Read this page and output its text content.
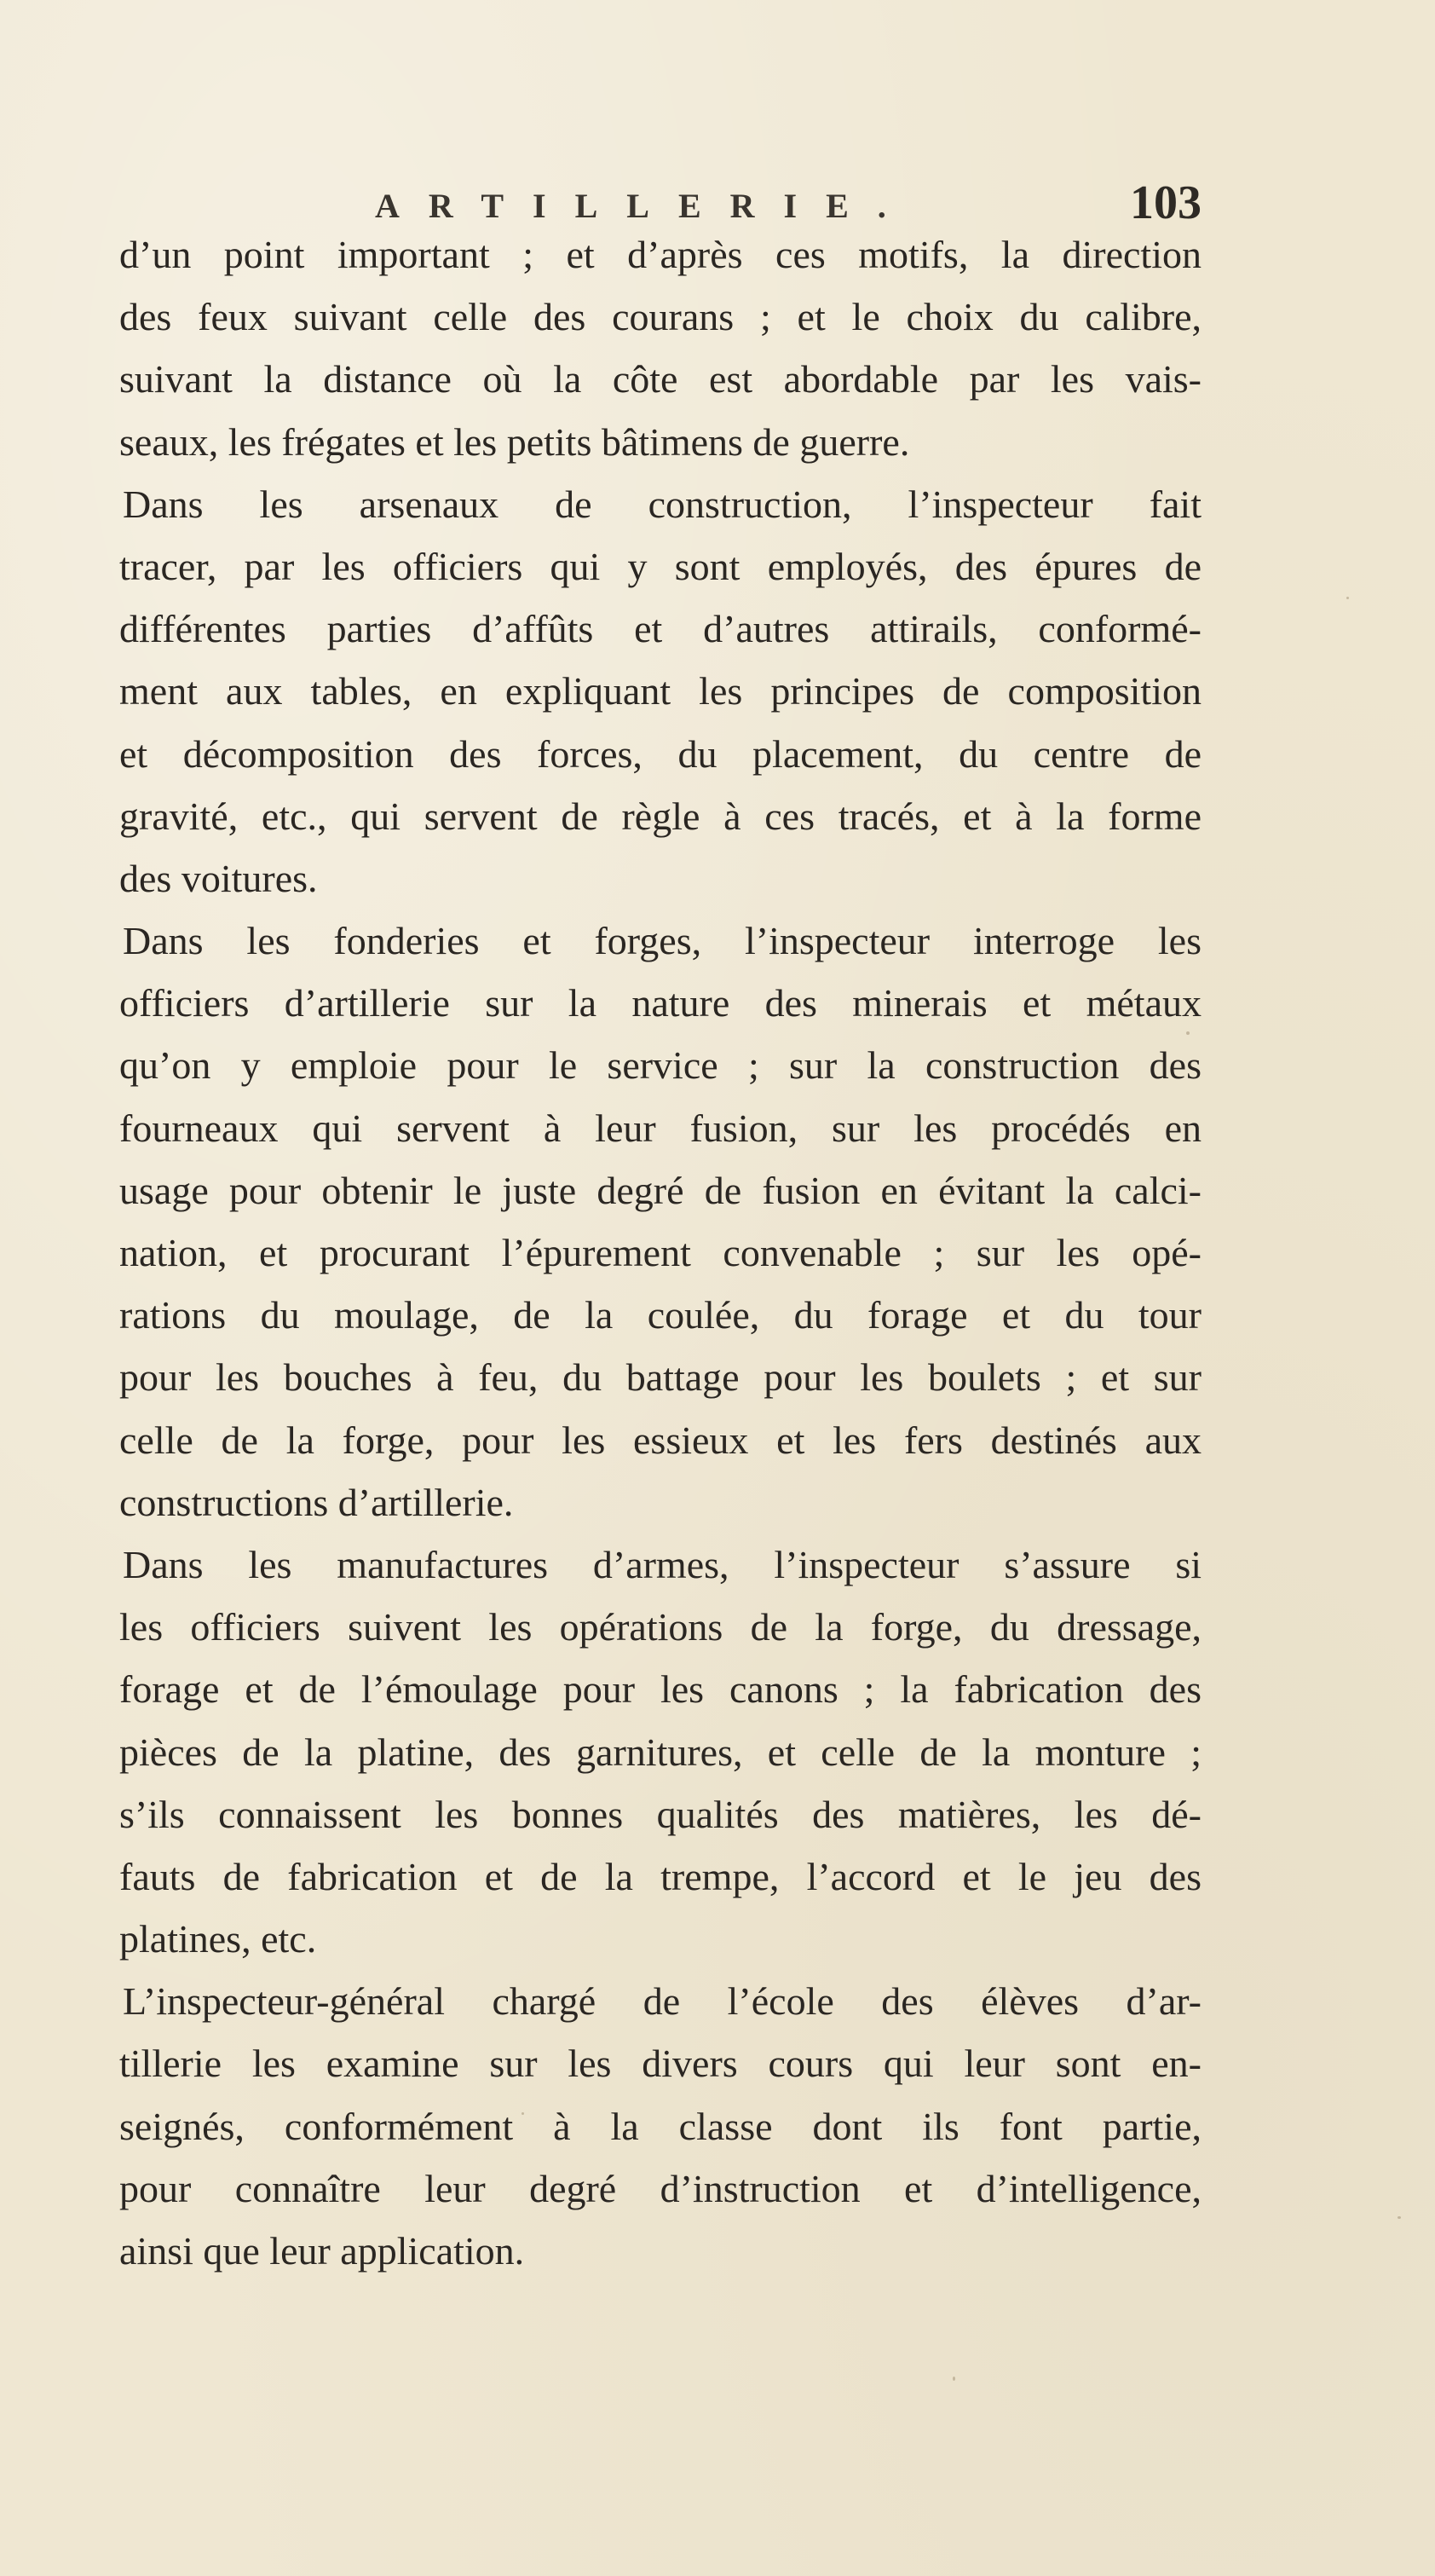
ARTILLERIE.	103
d’un point important ; et d’après ces motifs, la direction
des feux suivant celle des courans ; et le choix du calibre,
suivant la distance où la côte est abordable par les vais-
seaux, les frégates et les petits bâtimens de guerre.
Dans les arsenaux de construction, l’inspecteur fait
tracer, par les officiers qui y sont employés, des épures de
différentes parties d’affûts et d’autres attirails, conformé-
ment aux tables, en expliquant les principes de composition
et décomposition des forces, du placement, du centre de
gravité, etc., qui servent de règle à ces tracés, et à la forme
des voitures.
Dans les fonderies et forges, l’inspecteur interroge les
officiers d’artillerie sur la nature des minerais et métaux
qu’on y emploie pour le service ; sur la construction des
fourneaux qui servent à leur fusion, sur les procédés en
usage pour obtenir le juste degré de fusion en évitant la calci-
nation, et procurant l’épurement convenable ; sur les opé-
rations du moulage, de la coulée, du forage et du tour
pour les bouches à feu, du battage pour les boulets ; et sur
celle de la forge, pour les essieux et les fers destinés aux
constructions d’artillerie.
Dans les manufactures d’armes, l’inspecteur s’assure si
les officiers suivent les opérations de la forge, du dressage,
forage et de l’émoulage pour les canons ; la fabrication des
pièces de la platine, des garnitures, et celle de la monture ;
s’ils connaissent les bonnes qualités des matières, les dé-
fauts de fabrication et de la trempe, l’accord et le jeu des
platines, etc.
L’inspecteur-général chargé de l’école des élèves d’ar-
tillerie les examine sur les divers cours qui leur sont en-
seignés, conformément à la classe dont ils font partie,
pour connaître leur degré d’instruction et d’intelligence,
ainsi que leur application.
